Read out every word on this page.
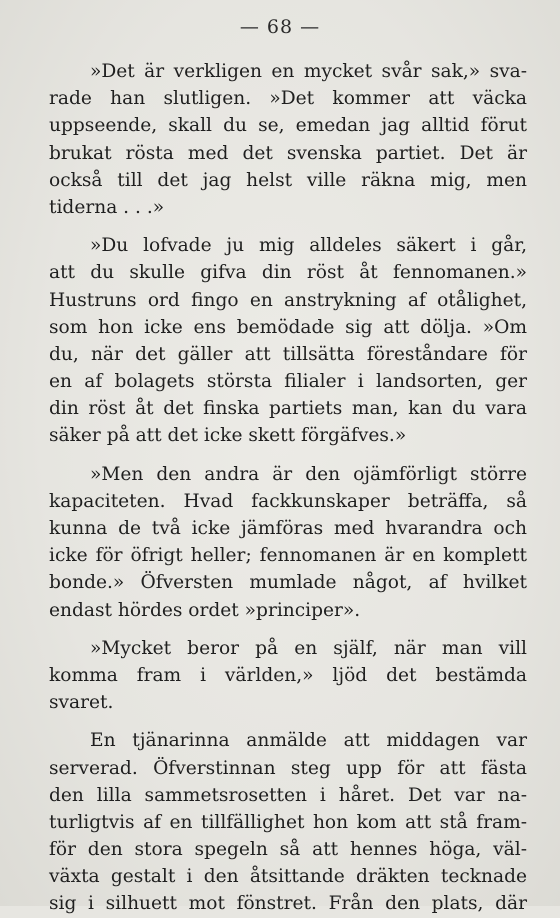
— 68 —
»Det är verkligen en mycket svår sak,» sva-
rade han slutligen. »Det kommer att väcka
uppseende, skall du se, emedan jag alltid förut
brukat rösta med det svenska partiet. Det är
också till det jag helst ville räkna mig, men
tiderna . . .»
»Du lofvade ju mig alldeles säkert i går,
att du skulle gifva din röst åt fennomanen.»
Hustruns ord fingo en anstrykning af otålighet,
som hon icke ens bemödade sig att dölja. »Om
du, när det gäller att tillsätta föreståndare för
en af bolagets största filialer i landsorten, ger
din röst åt det finska partiets man, kan du vara
säker på att det icke skett förgäfves.»
»Men den andra är den ojämförligt större
kapaciteten. Hvad fackkunskaper beträffa, så
kunna de två icke jämföras med hvarandra och
icke för öfrigt heller; fennomanen är en komplett
bonde.» Öfversten mumlade något, af hvilket
endast hördes ordet »principer».
»Mycket beror på en själf, när man vill
komma fram i världen,» ljöd det bestämda
svaret.
En tjänarinna anmälde att middagen var
serverad. Öfverstinnan steg upp för att fästa
den lilla sammetsrosetten i håret. Det var na-
turligtvis af en tillfällighet hon kom att stå fram-
för den stora spegeln så att hennes höga, väl-
växta gestalt i den åtsittande dräkten tecknade
sig i silhuett mot fönstret. Från den plats, där
